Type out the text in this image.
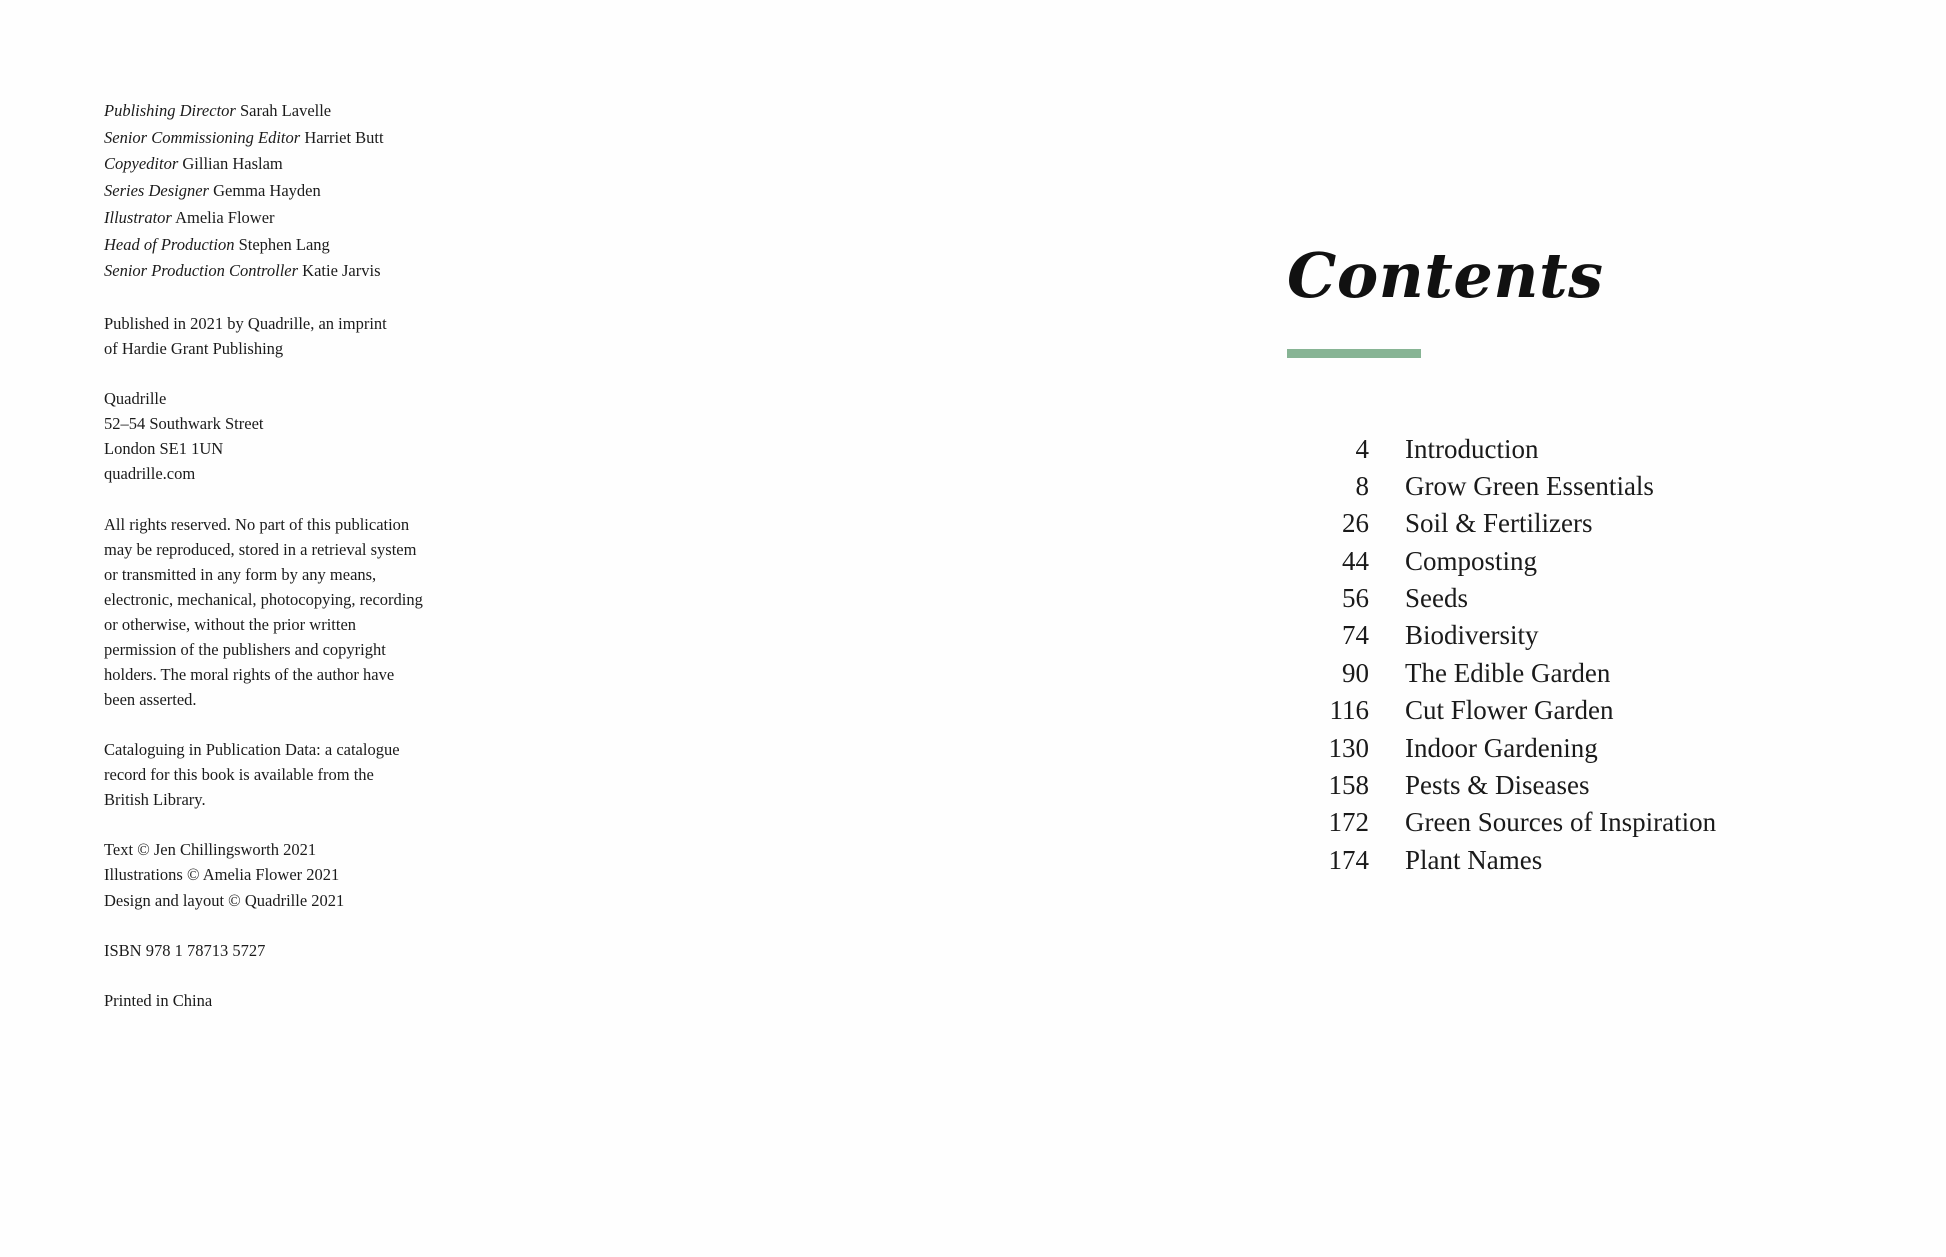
Publishing Director Sarah Lavelle
Senior Commissioning Editor Harriet Butt
Copyeditor Gillian Haslam
Series Designer Gemma Hayden
Illustrator Amelia Flower
Head of Production Stephen Lang
Senior Production Controller Katie Jarvis

Published in 2021 by Quadrille, an imprint

of Hardie Grant Publishing

Quadrille

52–54 Southwark Street

London SE1 1UN

quadrille.com

All rights reserved. No part of this publication

may be reproduced, stored in a retrieval system

or transmitted in any form by any means,

electronic, mechanical, photocopying, recording

or otherwise, without the prior written

permission of the publishers and copyright

holders. The moral rights of the author have

been asserted.

Cataloguing in Publication Data: a catalogue

record for this book is available from the

British Library.

Text © Jen Chillingsworth 2021

Illustrations © Amelia Flower 2021

Design and layout © Quadrille 2021

ISBN 978 1 78713 5727

Printed in China

Contents
4	Introduction
8	Grow Green Essentials
26	Soil & Fertilizers
44	Composting
56	Seeds
74	Biodiversity
90	The Edible Garden
116	Cut Flower Garden
130	Indoor Gardening
158	Pests & Diseases
172	Green Sources of Inspiration
174	Plant Names
